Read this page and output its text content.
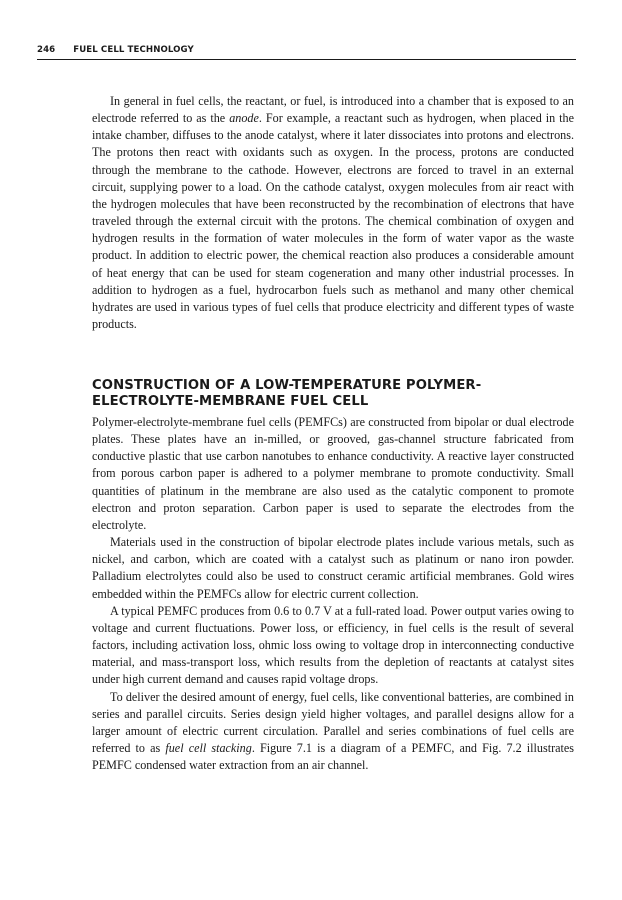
246 FUEL CELL TECHNOLOGY

In general in fuel cells, the reactant, or fuel, is introduced into a chamber that is exposed to an electrode referred to as the anode. For example, a reactant such as hydrogen, when placed in the intake chamber, diffuses to the anode catalyst, where it later dissociates into protons and electrons. The protons then react with oxidants such as oxygen. In the process, protons are conducted through the membrane to the cathode. However, electrons are forced to travel in an external circuit, supplying power to a load. On the cathode catalyst, oxygen molecules from air react with the hydrogen molecules that have been reconstructed by the recombination of electrons that have traveled through the external circuit with the protons. The chemical combination of oxygen and hydrogen results in the formation of water molecules in the form of water vapor as the waste product. In addition to electric power, the chemical reaction also produces a considerable amount of heat energy that can be used for steam cogeneration and many other industrial processes. In addition to hydrogen as a fuel, hydrocarbon fuels such as methanol and many other chemical hydrates are used in various types of fuel cells that produce electricity and different types of waste products.

CONSTRUCTION OF A LOW-TEMPERATURE POLYMER-
ELECTROLYTE-MEMBRANE FUEL CELL

Polymer-electrolyte-membrane fuel cells (PEMFCs) are constructed from bipolar or dual electrode plates. These plates have an in-milled, or grooved, gas-channel structure fabricated from conductive plastic that use carbon nanotubes to enhance conductivity. A reactive layer constructed from porous carbon paper is adhered to a polymer membrane to promote conductivity. Small quantities of platinum in the membrane are also used as the catalytic component to promote electron and proton separation. Carbon paper is used to separate the electrodes from the electrolyte.

Materials used in the construction of bipolar electrode plates include various metals, such as nickel, and carbon, which are coated with a catalyst such as platinum or nano iron powder. Palladium electrolytes could also be used to construct ceramic artificial membranes. Gold wires embedded within the PEMFCs allow for electric current collection.

A typical PEMFC produces from 0.6 to 0.7 V at a full-rated load. Power output varies owing to voltage and current fluctuations. Power loss, or efficiency, in fuel cells is the result of several factors, including activation loss, ohmic loss owing to voltage drop in interconnecting conductive material, and mass-transport loss, which results from the depletion of reactants at catalyst sites under high current demand and causes rapid voltage drops.

To deliver the desired amount of energy, fuel cells, like conventional batteries, are combined in series and parallel circuits. Series design yield higher voltages, and parallel designs allow for a larger amount of electric current circulation. Parallel and series combinations of fuel cells are referred to as fuel cell stacking. Figure 7.1 is a diagram of a PEMFC, and Fig. 7.2 illustrates PEMFC condensed water extraction from an air channel.
